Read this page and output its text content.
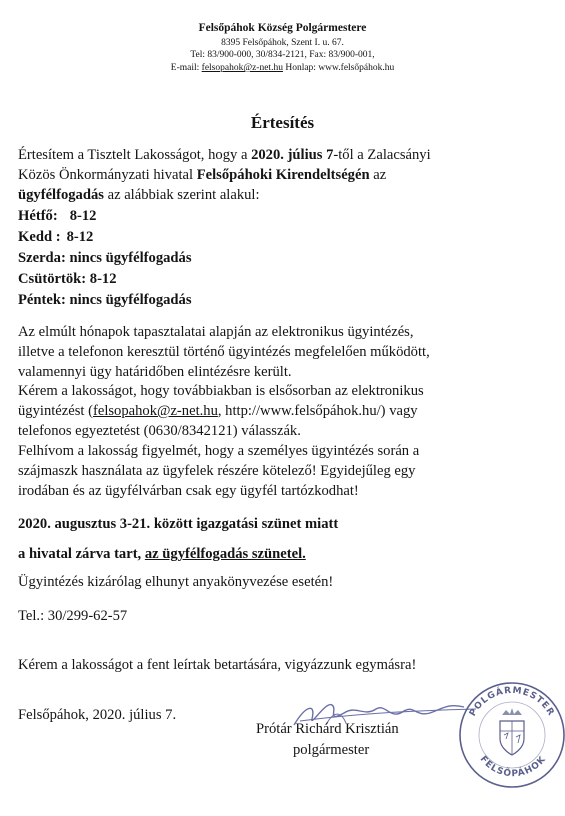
Felsőpáhok Község Polgármestere
8395 Felsőpáhok, Szent I. u. 67.
Tel: 83/900-000, 30/834-2121, Fax: 83/900-001,
E-mail: felsopahok@z-net.hu Honlap: www.felsőpáhok.hu
Értesítés
Értesítem a Tisztelt Lakosságot, hogy a 2020. július 7-től a Zalacsányi
Közös Önkormányzati hivatal Felsőpáhoki Kirendeltségén az
ügyfélfogadás az alábbiak szerint alakul:
Hétfő: 8-12
Kedd : 8-12
Szerda: nincs ügyfélfogadás
Csütörtök: 8-12
Péntek: nincs ügyfélfogadás
Az elmúlt hónapok tapasztalatai alapján az elektronikus ügyintézés,
illetve a telefonon keresztül történő ügyintézés megfelelően működött,
valamennyi ügy határidőben elintézésre került.
Kérem a lakosságot, hogy továbbiakban is elsősorban az elektronikus
ügyintézést (felsopahok@z-net.hu, http://www.felsőpáhok.hu/) vagy
telefonos egyeztetést (0630/8342121) válasszák.
Felhívom a lakosság figyelmét, hogy a személyes ügyintézés során a
szájmaszk használata az ügyfelek részére kötelező! Egyidejűleg egy
irodában és az ügyfélvárban csak egy ügyfél tartózkodhat!
2020. augusztus 3-21. között igazgatási szünet miatt
a hivatal zárva tart, az ügyfélfogadás szünetel.
Ügyintézés kizárólag elhunyt anyakönyvezése esetén!
Tel.: 30/299-62-57
Kérem a lakosságot a fent leírtak betartására, vigyázzunk egymásra!
Felsőpáhok, 2020. július 7.
Prótár Richárd Krisztián
polgármester
POLGÁRMESTER
FELSŐPÁHOK
